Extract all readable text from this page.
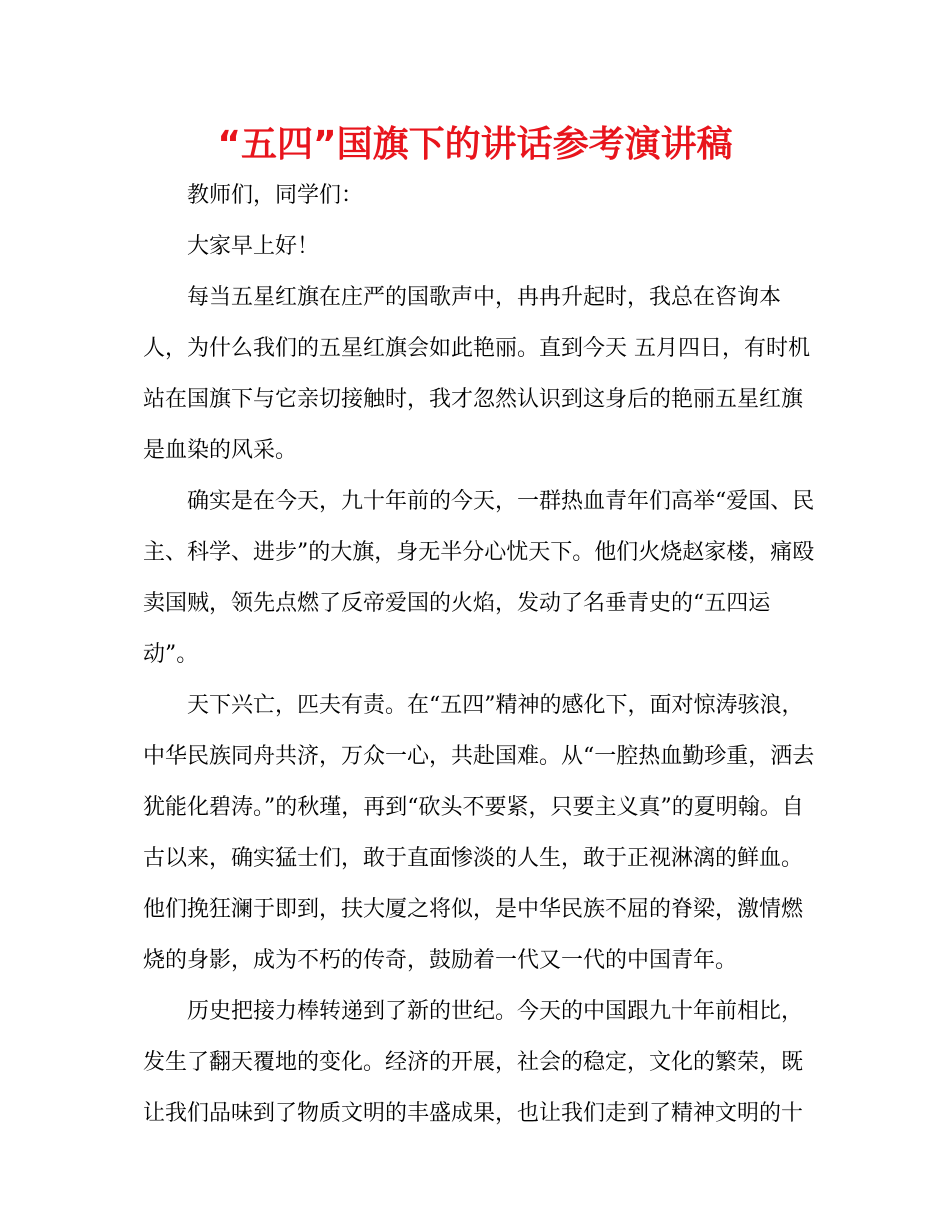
“五四”国旗下的讲话参考演讲稿
教师们，同学们：
大家早上好！
每当五星红旗在庄严的国歌声中，冉冉升起时，我总在咨询本
人，为什么我们的五星红旗会如此艳丽。直到今天 五月四日，有时机
站在国旗下与它亲切接触时，我才忽然认识到这身后的艳丽五星红旗
是血染的风采。
确实是在今天，九十年前的今天，一群热血青年们高举“爱国、民
主、科学、进步”的大旗，身无半分心忧天下。他们火烧赵家楼，痛殴
卖国贼，领先点燃了反帝爱国的火焰，发动了名垂青史的“五四运
动”。
天下兴亡，匹夫有责。在“五四”精神的感化下，面对惊涛骇浪，
中华民族同舟共济，万众一心，共赴国难。从“一腔热血勤珍重，洒去
犹能化碧涛。”的秋瑾，再到“砍头不要紧，只要主义真”的夏明翰。自
古以来，确实猛士们，敢于直面惨淡的人生，敢于正视淋漓的鲜血。
他们挽狂澜于即到，扶大厦之将似，是中华民族不屈的脊梁，激情燃
烧的身影，成为不朽的传奇，鼓励着一代又一代的中国青年。
历史把接力棒转递到了新的世纪。今天的中国跟九十年前相比，
发生了翻天覆地的变化。经济的开展，社会的稳定，文化的繁荣，既
让我们品味到了物质文明的丰盛成果，也让我们走到了精神文明的十
